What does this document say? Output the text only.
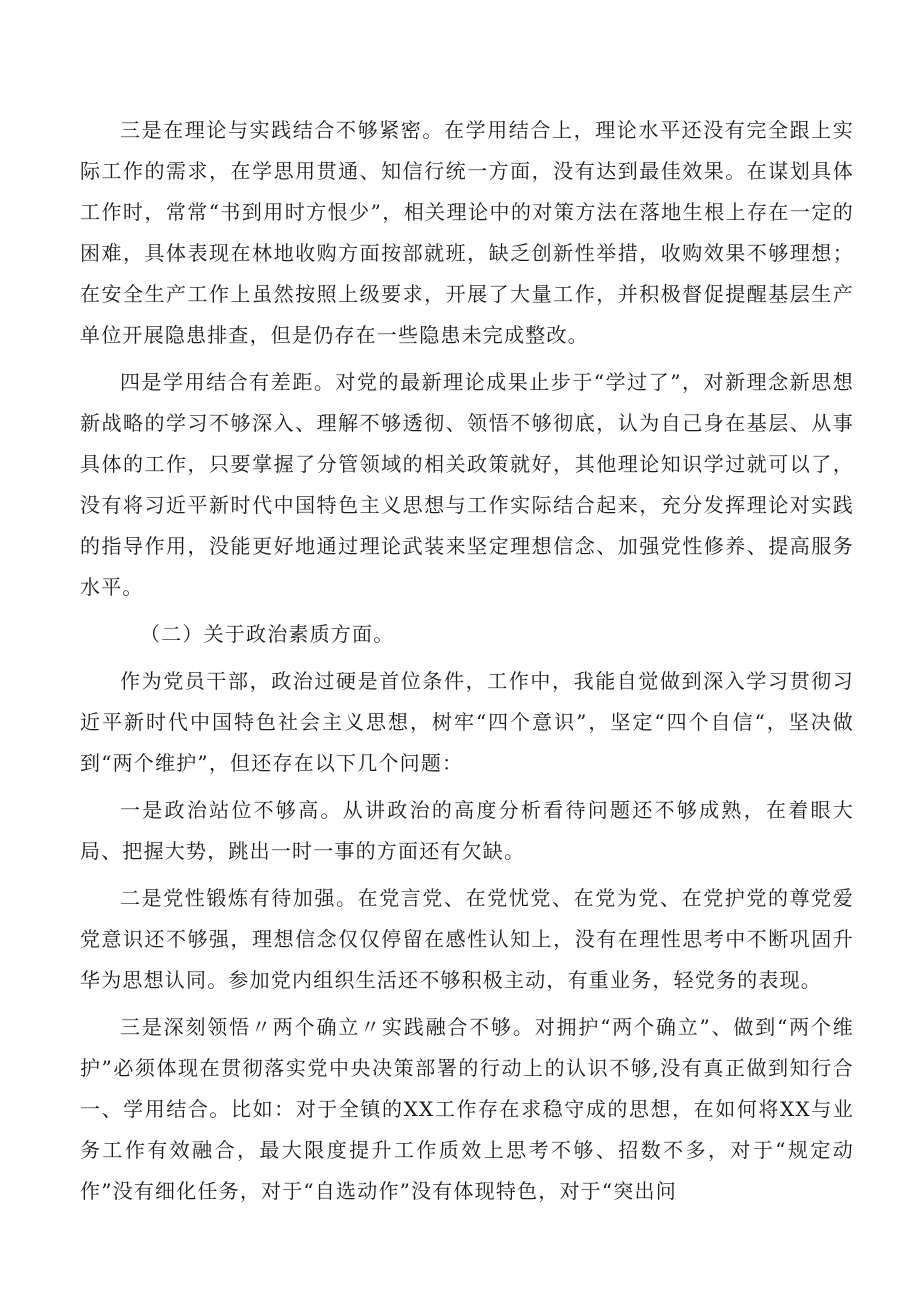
三是在理论与实践结合不够紧密。在学用结合上，理论水平还没有完全跟上实际工作的需求，在学思用贯通、知信行统一方面，没有达到最佳效果。在谋划具体工作时，常常“书到用时方恨少”，相关理论中的对策方法在落地生根上存在一定的困难，具体表现在林地收购方面按部就班，缺乏创新性举措，收购效果不够理想；在安全生产工作上虽然按照上级要求，开展了大量工作，并积极督促提醒基层生产单位开展隐患排查，但是仍存在一些隐患未完成整改。

四是学用结合有差距。对党的最新理论成果止步于“学过了”，对新理念新思想新战略的学习不够深入、理解不够透彻、领悟不够彻底，认为自己身在基层、从事具体的工作，只要掌握了分管领域的相关政策就好，其他理论知识学过就可以了，没有将习近平新时代中国特色主义思想与工作实际结合起来，充分发挥理论对实践的指导作用，没能更好地通过理论武装来坚定理想信念、加强党性修养、提高服务水平。

（二）关于政治素质方面。

作为党员干部，政治过硬是首位条件，工作中，我能自觉做到深入学习贯彻习近平新时代中国特色社会主义思想，树牢“四个意识”，坚定“四个自信“，坚决做到“两个维护”，但还存在以下几个问题：

一是政治站位不够高。从讲政治的高度分析看待问题还不够成熟，在着眼大局、把握大势，跳出一时一事的方面还有欠缺。

二是党性锻炼有待加强。在党言党、在党忧党、在党为党、在党护党的尊党爱党意识还不够强，理想信念仅仅停留在感性认知上，没有在理性思考中不断巩固升华为思想认同。参加党内组织生活还不够积极主动，有重业务，轻党务的表现。

三是深刻领悟〃两个确立〃实践融合不够。对拥护“两个确立”、做到“两个维护”必须体现在贯彻落实党中央决策部署的行动上的认识不够,没有真正做到知行合一、学用结合。比如：对于全镇的XX工作存在求稳守成的思想，在如何将XX与业务工作有效融合，最大限度提升工作质效上思考不够、招数不多，对于“规定动作”没有细化任务，对于“自选动作”没有体现特色，对于“突出问
